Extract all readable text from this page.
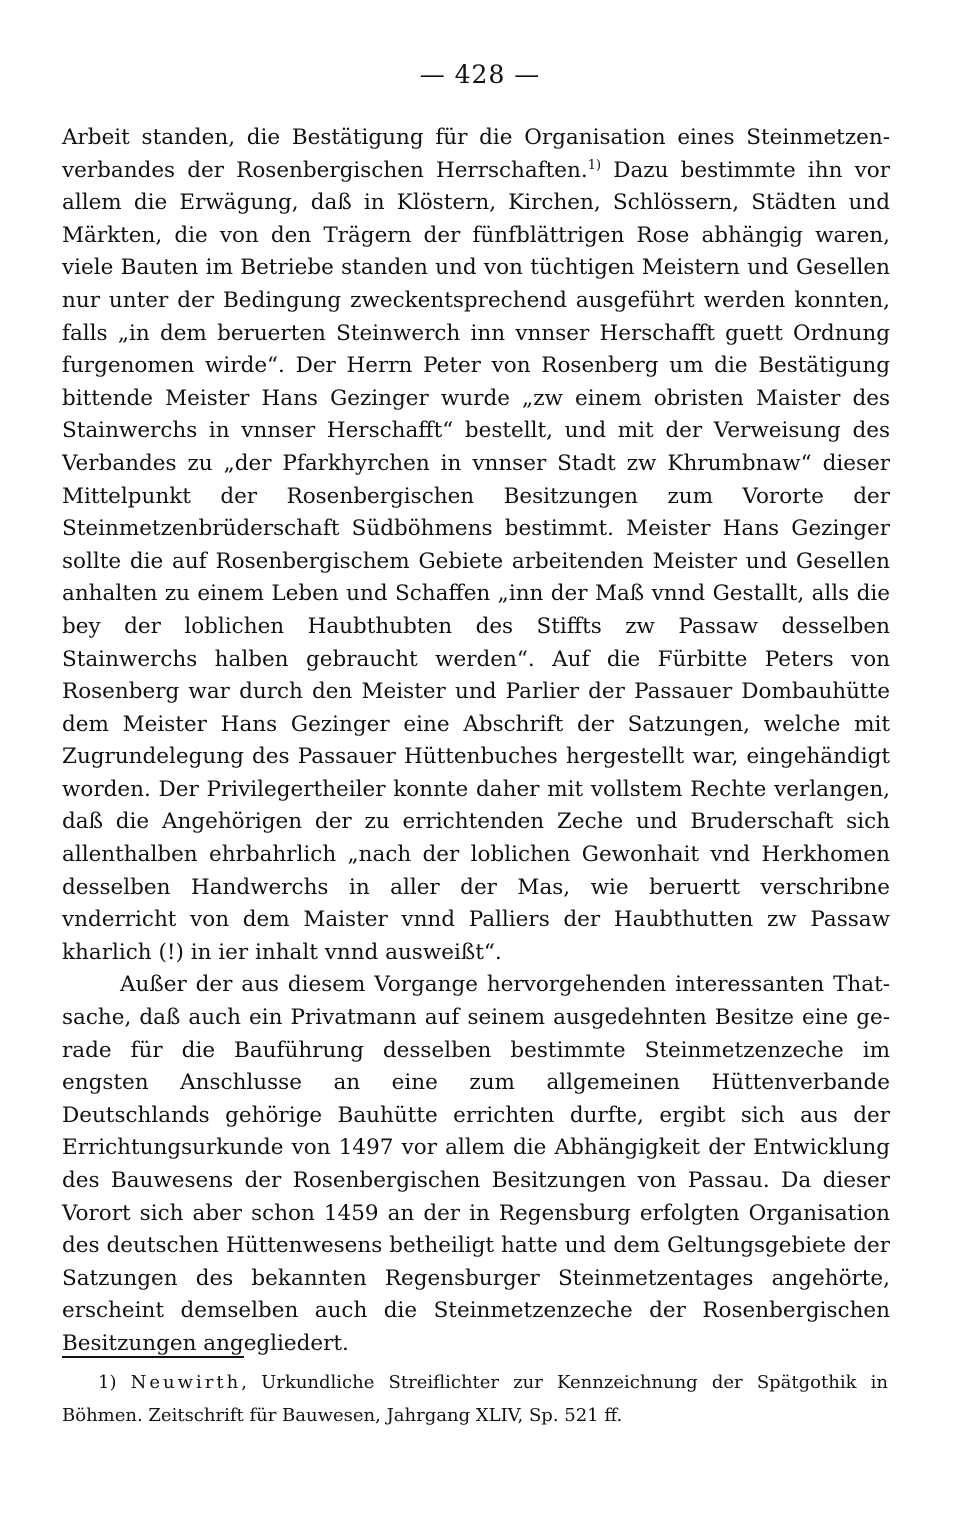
— 428 —

Arbeit standen, die Bestätigung für die Organisation eines Steinmetzenverbandes der Rosenbergischen Herrschaften.$^{1)}$ Dazu bestimmte ihn vor allem die Erwägung, daß in Klöstern, Kirchen, Schlössern, Städten und Märkten, die von den Trägern der fünfblättrigen Rose abhängig waren, viele Bauten im Betriebe standen und von tüchtigen Meistern und Gesellen nur unter der Bedingung zweckentsprechend ausgeführt werden konnten, falls „in dem beruerten Steinwerch inn vnnser Herschafft guett Ordnung furgenomen wirde“. Der Herrn Peter von Rosenberg um die Bestätigung bittende Meister Hans Gezinger wurde „zw einem obristen Maister des Stainwerchs in vnnser Herschafft“ bestellt, und mit der Verweisung des Verbandes zu „der Pfarkhyrchen in vnnser Stadt zw Khrumbnaw“ dieser Mittelpunkt der Rosenbergischen Besitzungen zum Vororte der Steinmetzenbrüderschaft Südböhmens bestimmt. Meister Hans Gezinger sollte die auf Rosenbergischem Gebiete arbeitenden Meister und Gesellen anhalten zu einem Leben und Schaffen „inn der Maß vnnd Gestallt, alls die bey der loblichen Haubthubten des Stiffts zw Passaw desselben Stainwerchs halben gebraucht werden“. Auf die Fürbitte Peters von Rosenberg war durch den Meister und Parlier der Passauer Dombauhütte dem Meister Hans Gezinger eine Abschrift der Satzungen, welche mit Zugrundelegung des Passauer Hüttenbuches hergestellt war, eingehändigt worden. Der Privilegertheiler konnte daher mit vollstem Rechte verlangen, daß die Angehörigen der zu errichtenden Zeche und Bruderschaft sich allenthalben ehrbahrlich „nach der loblichen Gewonhait vnd Herkhomen desselben Handwerchs in aller der Mas, wie beruertt verschribne vnderricht von dem Maister vnnd Palliers der Haubthutten zw Passaw kharlich (!) in ier inhalt vnnd ausweißt“.

Außer der aus diesem Vorgange hervorgehenden interessanten Thatsache, daß auch ein Privatmann auf seinem ausgedehnten Besitze eine gerade für die Bauführung desselben bestimmte Steinmetzenzeche im engsten Anschlusse an eine zum allgemeinen Hüttenverbande Deutschlands gehörige Bauhütte errichten durfte, ergibt sich aus der Errichtungsurkunde von 1497 vor allem die Abhängigkeit der Entwicklung des Bauwesens der Rosenbergischen Besitzungen von Passau. Da dieser Vorort sich aber schon 1459 an der in Regensburg erfolgten Organisation des deutschen Hüttenwesens betheiligt hatte und dem Geltungsgebiete der Satzungen des bekannten Regensburger Steinmetzentages angehörte, erscheint demselben auch die Steinmetzenzeche der Rosenbergischen Besitzungen angegliedert.

1) Neuwirth, Urkundliche Streiflichter zur Kennzeichnung der Spätgothik in Böhmen. Zeitschrift für Bauwesen, Jahrgang XLIV, Sp. 521 ff.
